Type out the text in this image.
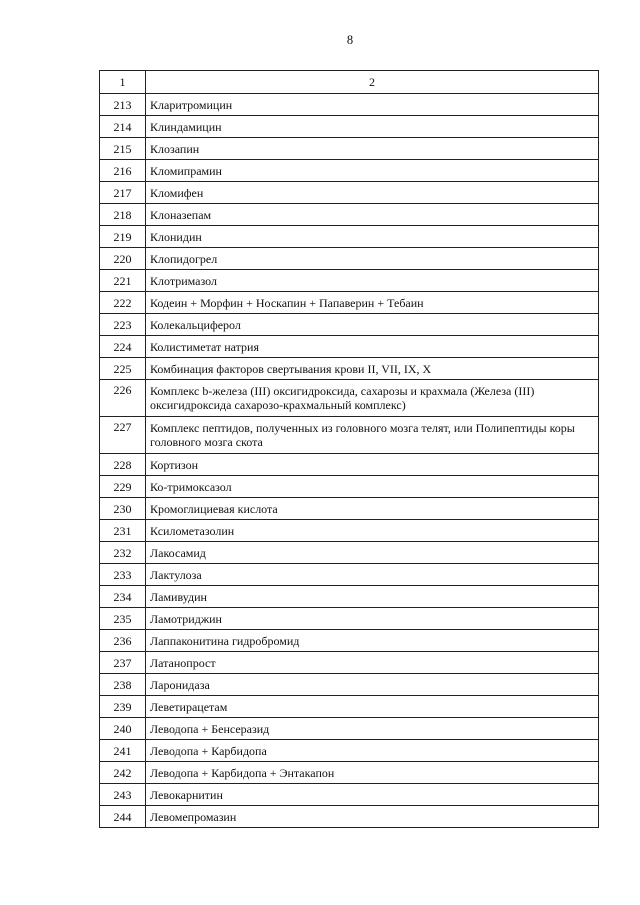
8
1	2
213	Кларитромицин
214	Клиндамицин
215	Клозапин
216	Кломипрамин
217	Кломифен
218	Клоназепам
219	Клонидин
220	Клопидогрел
221	Клотримазол
222	Кодеин + Морфин + Носкапин + Папаверин + Тебаин
223	Колекальциферол
224	Колистиметат натрия
225	Комбинация факторов свертывания крови II, VII, IX, X
226	Комплекс b-железа (III) оксигидроксида, сахарозы и крахмала (Железа (III) оксигидроксида сахарозо-крахмальный комплекс)
227	Комплекс пептидов, полученных из головного мозга телят, или Полипептиды коры головного мозга скота
228	Кортизон
229	Ко-тримоксазол
230	Кромоглициевая кислота
231	Ксилометазолин
232	Лакосамид
233	Лактулоза
234	Ламивудин
235	Ламотриджин
236	Лаппаконитина гидробромид
237	Латанопрост
238	Ларонидаза
239	Леветирацетам
240	Леводопа + Бенсеразид
241	Леводопа + Карбидопа
242	Леводопа + Карбидопа + Энтакапон
243	Левокарнитин
244	Левомепромазин
